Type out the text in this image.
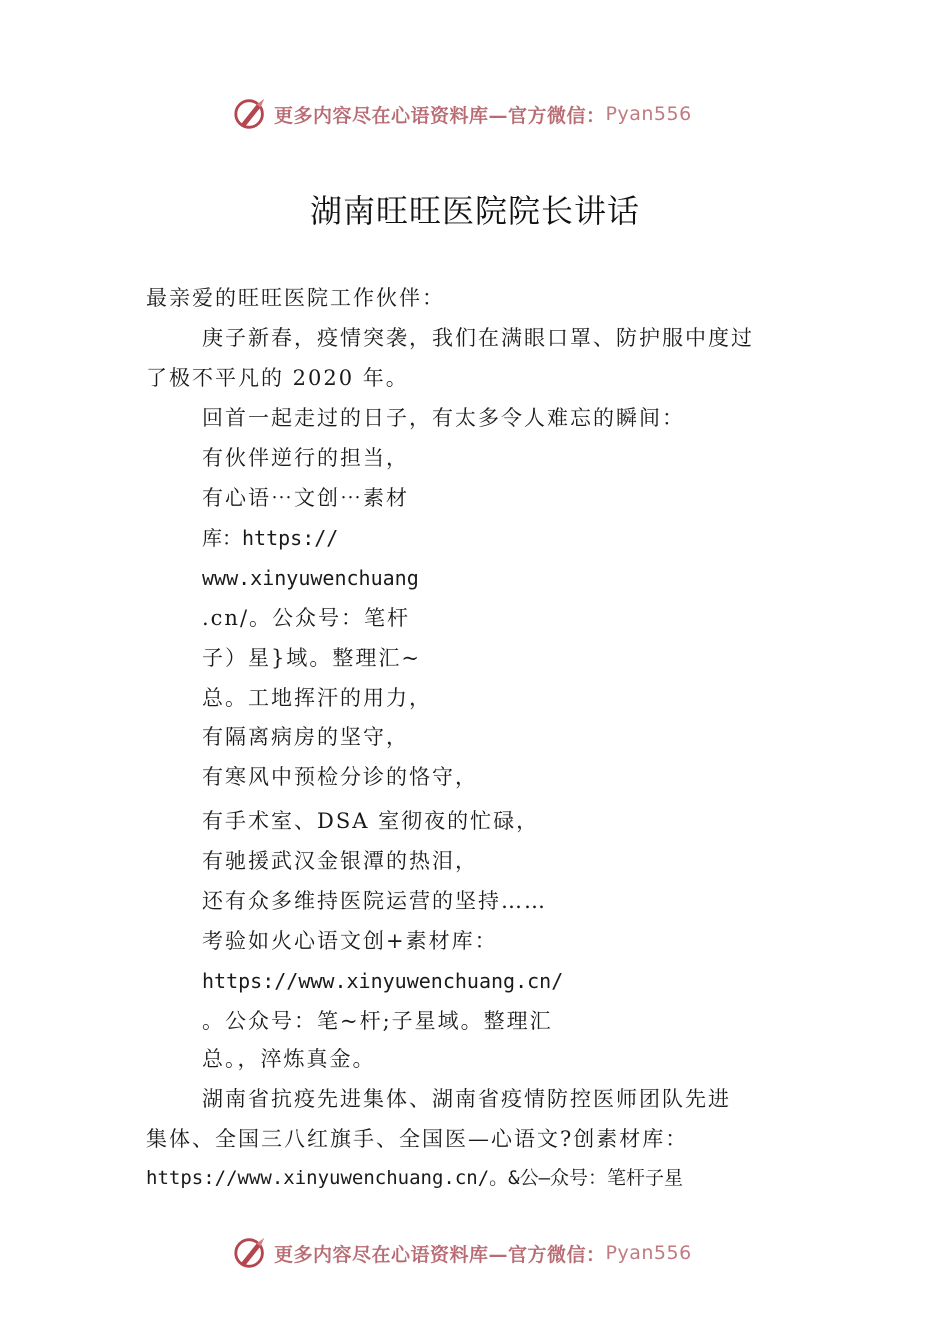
更多内容尽在心语资料库—官方微信： Pyan556
湖南旺旺医院院长讲话
最亲爱的旺旺医院工作伙伴：
庚子新春，疫情突袭，我们在满眼口罩、防护服中度过
了极不平凡的 2020 年。
回首一起走过的日子，有太多令人难忘的瞬间：
有伙伴逆行的担当，
有心语⋯文创⋯素材
库：https://
www.xinyuwenchuang
.cn/。公众号：笔杆
子）星}域。整理汇~
总。工地挥汗的用力，
有隔离病房的坚守，
有寒风中预检分诊的恪守，
有手术室、DSA 室彻夜的忙碌，
有驰援武汉金银潭的热泪，
还有众多维持医院运营的坚持……
考验如火心语文创+素材库：
https://www.xinyuwenchuang.cn/
。公众号：笔~杆;子星域。整理汇
总。，淬炼真金。
湖南省抗疫先进集体、湖南省疫情防控医师团队先进
集体、全国三八红旗手、全国医—心语文?创素材库：
https://www.xinyuwenchuang.cn/。&公—众号：笔杆子星
更多内容尽在心语资料库—官方微信： Pyan556
